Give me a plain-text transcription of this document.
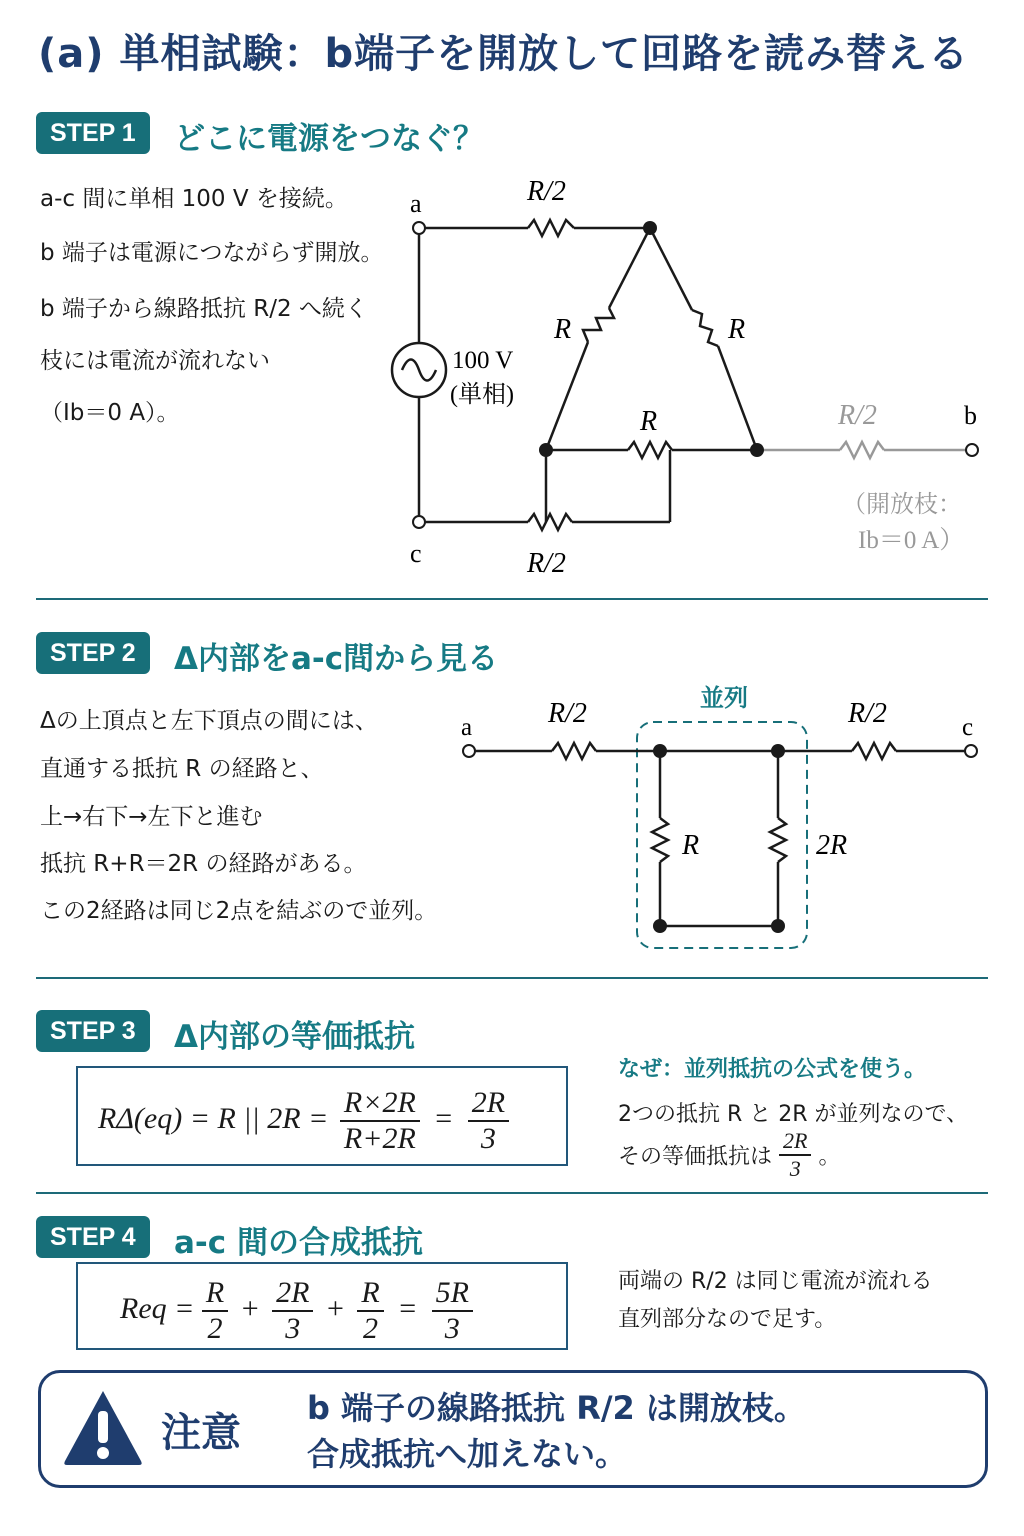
(a) 単相試験：b端子を開放して回路を読み替える
STEP 1	どこに電源をつなぐ？
a-c 間に単相 100 V を接続。
b 端子は電源につながらず開放。
b 端子から線路抵抗 R/2 へ続く
枝には電流が流れない
（Ib＝0 A）。
a
c
b
R/2
R/2
R	R
R	R/2
100 V
(単相)
（開放枝：
Ib＝0 A）
STEP 2	Δ内部をa-c間から見る
Δの上頂点と左下頂点の間には、
直通する抵抗 R の経路と、
上→右下→左下と進む
抵抗 R+R＝2R の経路がある。
この2経路は同じ2点を結ぶので並列。
a	c
R/2	R/2
R	2R
並列
STEP 3	Δ内部の等価抵抗
RΔ(eq) = R || $2R = \frac{R\times 2R}{R+2R} = \frac{2R}{3}$
なぜ：並列抵抗の公式を使う。
2つの抵抗 R と 2R が並列なので、
その等価抵抗は $\frac{2R}{3}$ 。
STEP 4	a-c 間の合成抵抗
Req = $\frac{R}{2} + \frac{2R}{3} + \frac{R}{2} = \frac{5R}{3}$	両端の R/2 は同じ電流が流れる
直列部分なので足す。
注意
b 端子の線路抵抗 R/2 は開放枝。
合成抵抗へ加えない。
